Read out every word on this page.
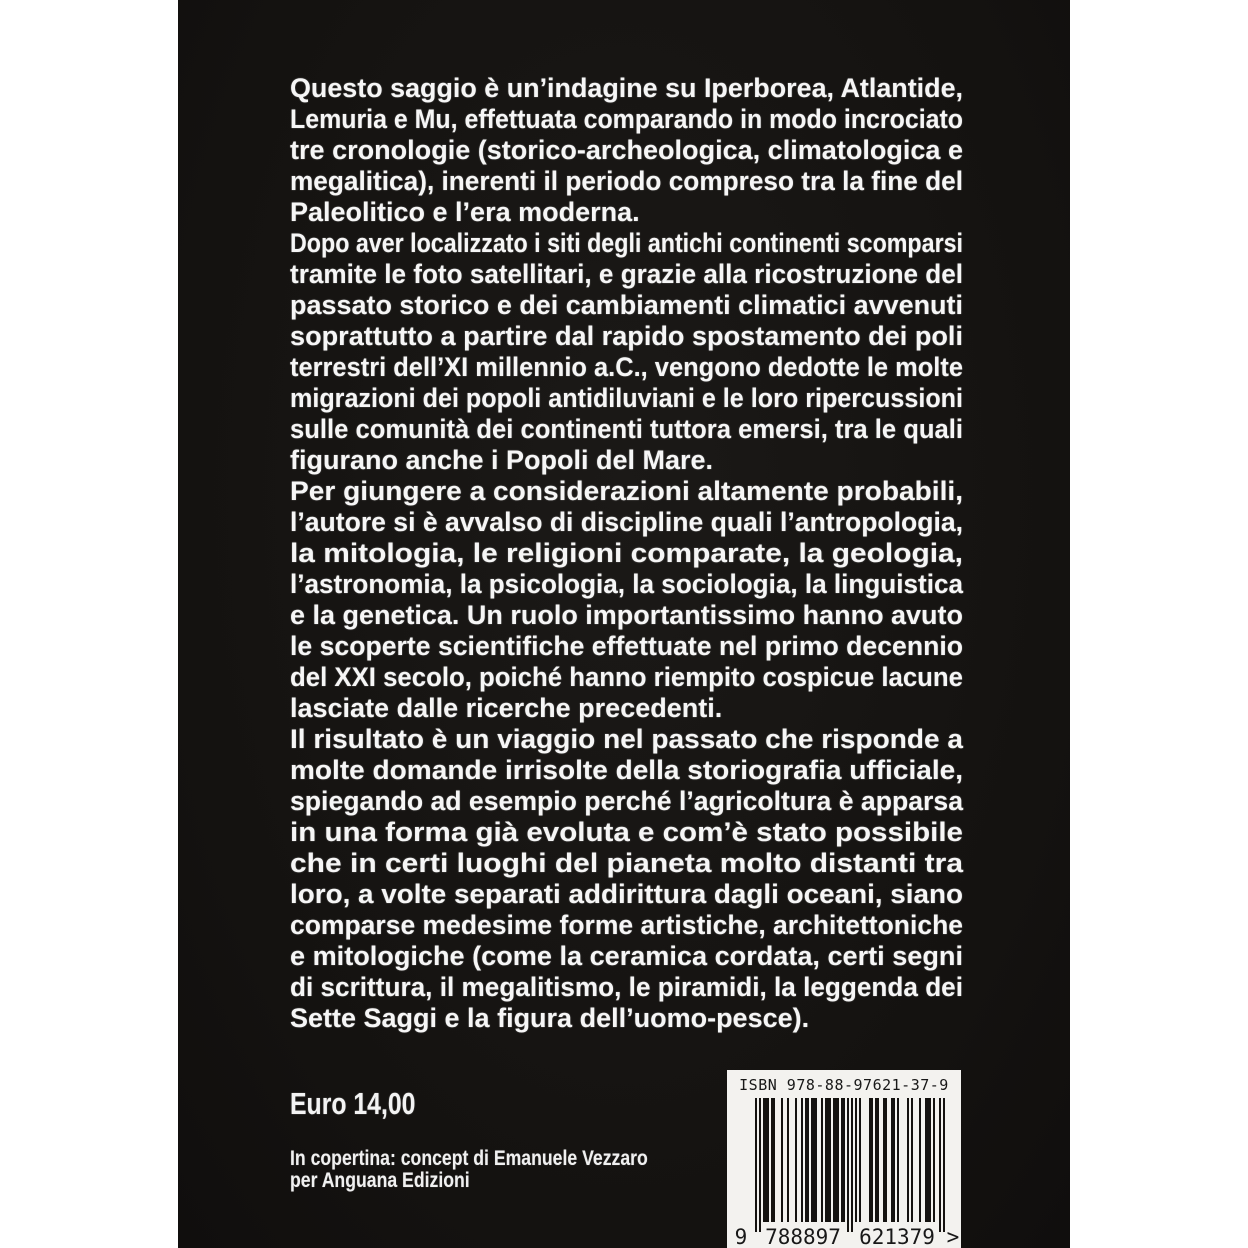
Questo saggio è un’indagine su Iperborea, Atlantide,
Lemuria e Mu, effettuata comparando in modo incrociato
tre cronologie (storico-archeologica, climatologica e
megalitica), inerenti il periodo compreso tra la fine del
Paleolitico e l’era moderna.
Dopo aver localizzato i siti degli antichi continenti scomparsi
tramite le foto satellitari, e grazie alla ricostruzione del
passato storico e dei cambiamenti climatici avvenuti
soprattutto a partire dal rapido spostamento dei poli
terrestri dell’XI millennio a.C., vengono dedotte le molte
migrazioni dei popoli antidiluviani e le loro ripercussioni
sulle comunità dei continenti tuttora emersi, tra le quali
figurano anche i Popoli del Mare.
Per giungere a considerazioni altamente probabili,
l’autore si è avvalso di discipline quali l’antropologia,
la mitologia, le religioni comparate, la geologia,
l’astronomia, la psicologia, la sociologia, la linguistica
e la genetica. Un ruolo importantissimo hanno avuto
le scoperte scientifiche effettuate nel primo decennio
del XXI secolo, poiché hanno riempito cospicue lacune
lasciate dalle ricerche precedenti.
Il risultato è un viaggio nel passato che risponde a
molte domande irrisolte della storiografia ufficiale,
spiegando ad esempio perché l’agricoltura è apparsa
in una forma già evoluta e com’è stato possibile
che in certi luoghi del pianeta molto distanti tra
loro, a volte separati addirittura dagli oceani, siano
comparse medesime forme artistiche, architettoniche
e mitologiche (come la ceramica cordata, certi segni
di scrittura, il megalitismo, le piramidi, la leggenda dei
Sette Saggi e la figura dell’uomo-pesce).
Euro 14,00
In copertina: concept di Emanuele Vezzaro
per Anguana Edizioni
ISBN 978-88-97621-37-9
9 788897 621379 >
